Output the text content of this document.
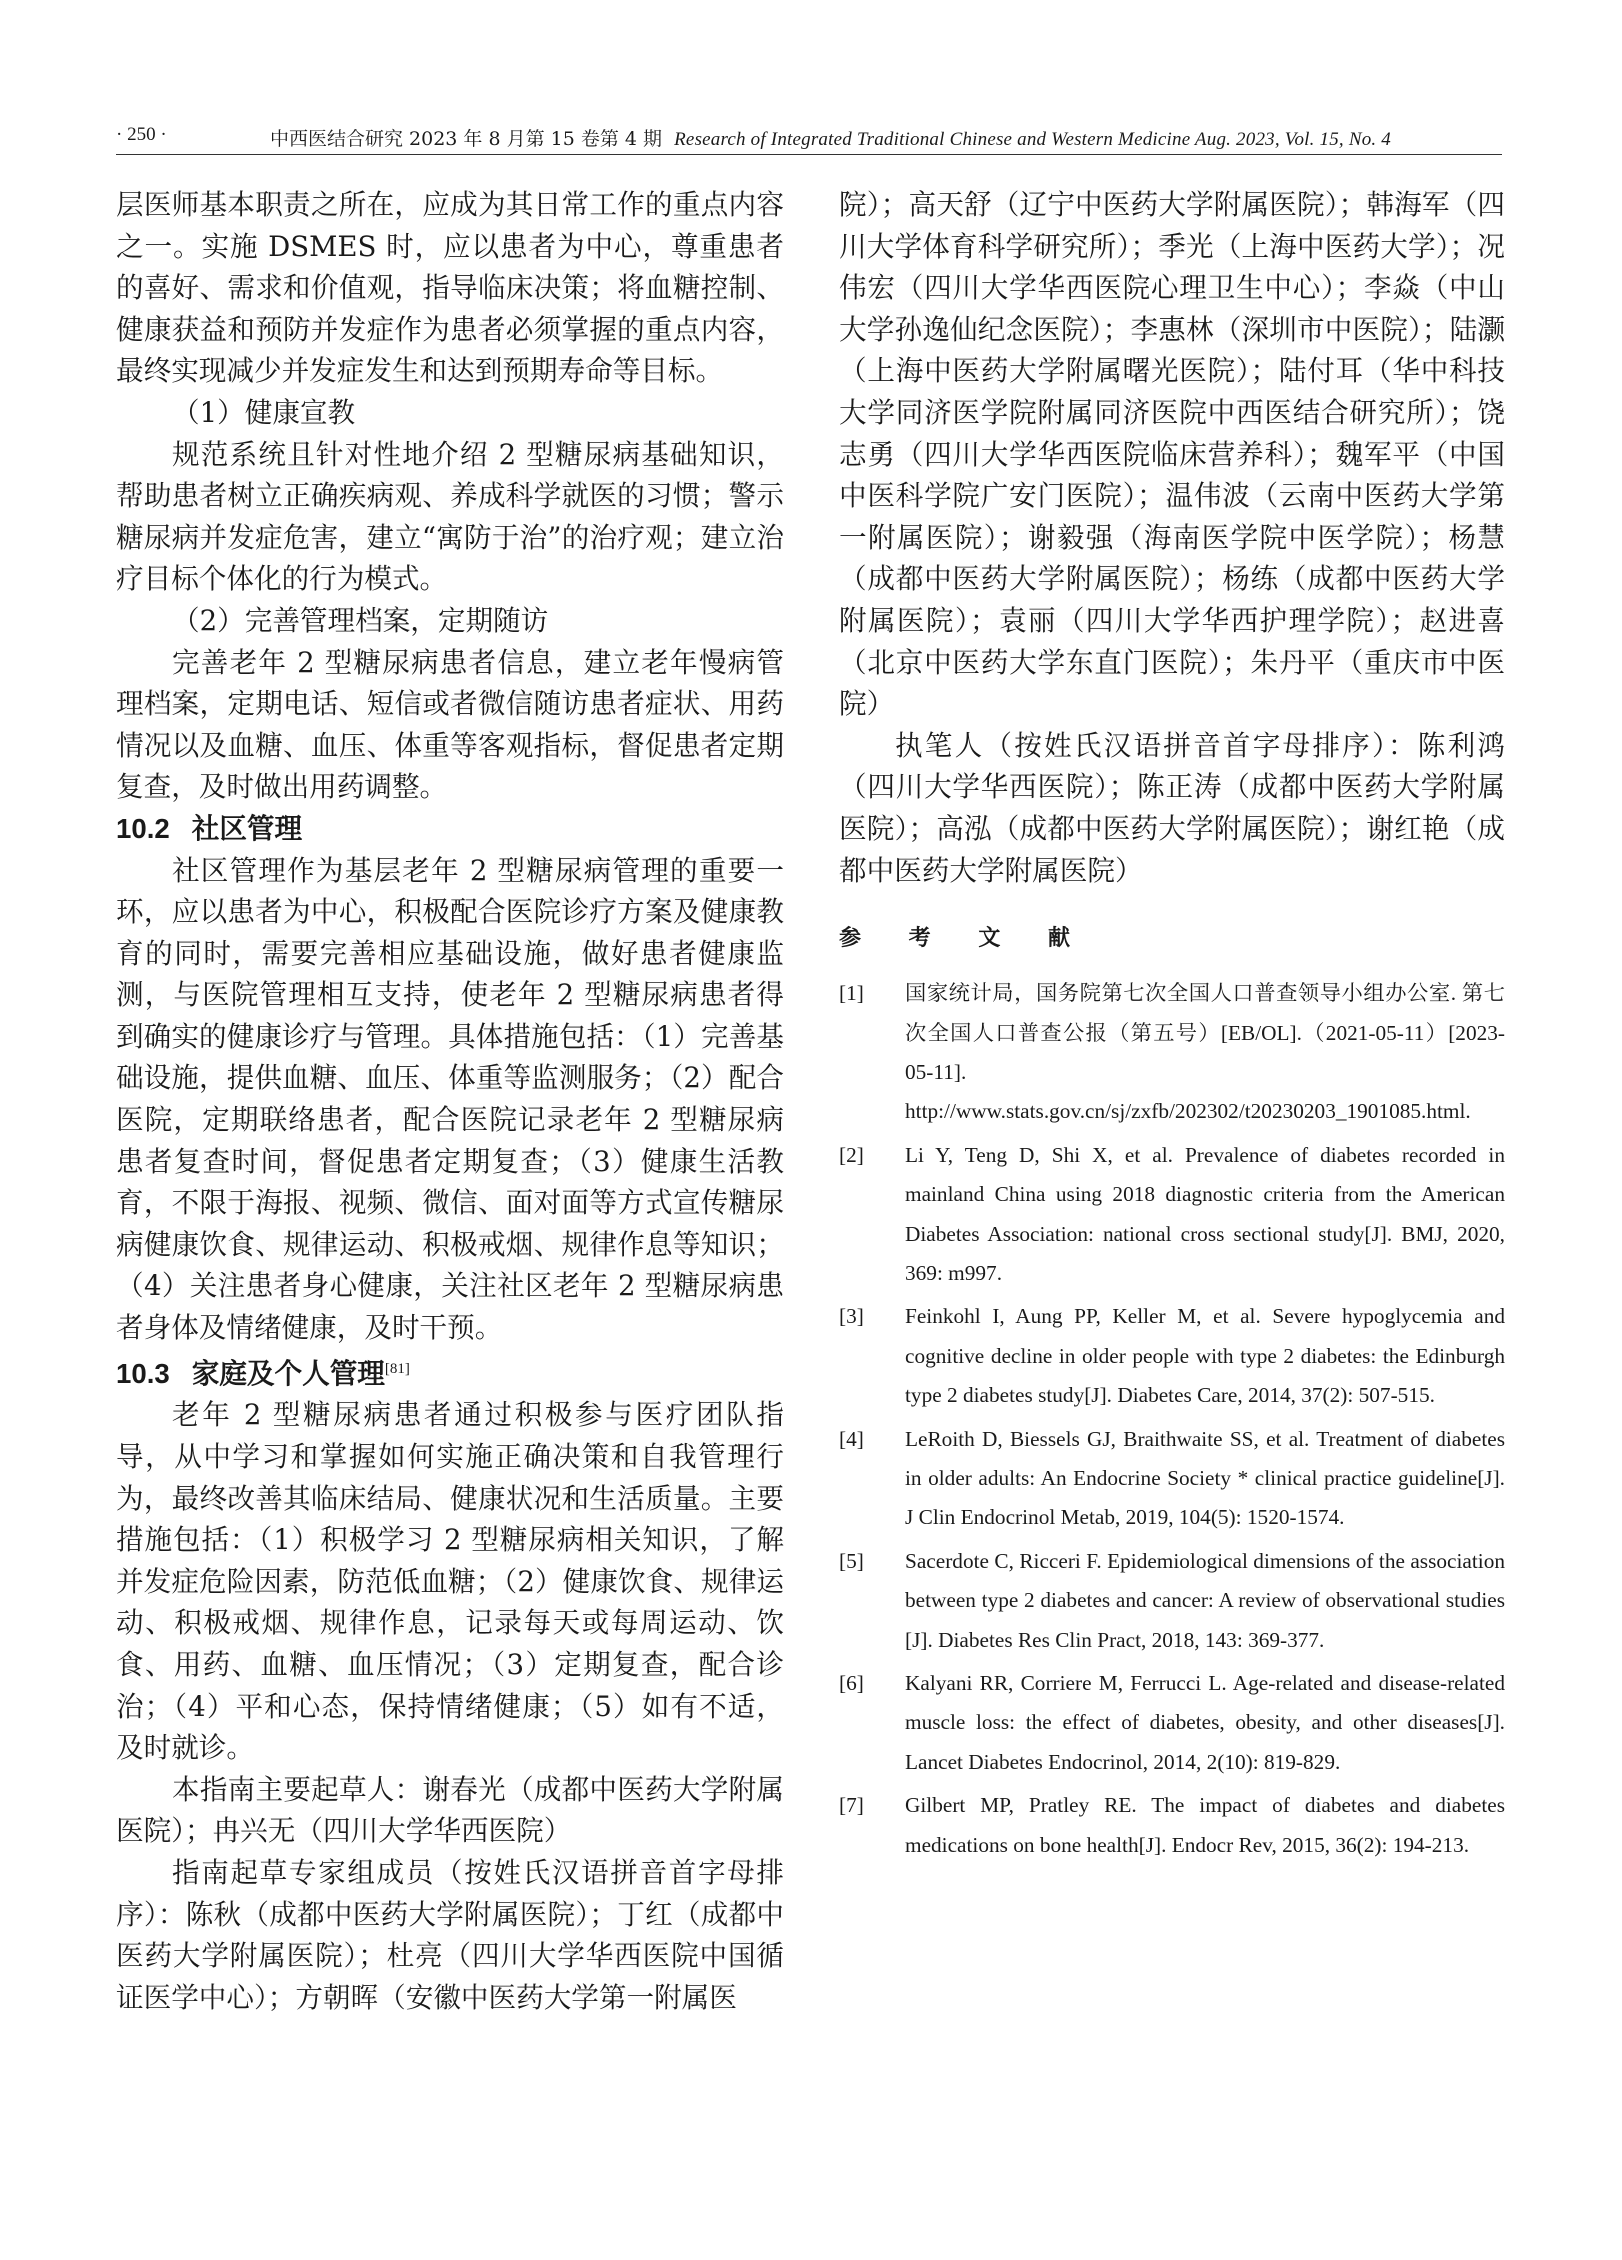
· 250 ·	中西医结合研究 2023 年 8 月第 15 卷第 4 期 Research of Integrated Traditional Chinese and Western Medicine Aug. 2023, Vol. 15, No. 4

层医师基本职责之所在，应成为其日常工作的重点内容之一。实施 DSMES 时，应以患者为中心，尊重患者的喜好、需求和价值观，指导临床决策；将血糖控制、健康获益和预防并发症作为患者必须掌握的重点内容，最终实现减少并发症发生和达到预期寿命等目标。

（1）健康宣教

规范系统且针对性地介绍 2 型糖尿病基础知识，帮助患者树立正确疾病观、养成科学就医的习惯；警示糖尿病并发症危害，建立“寓防于治”的治疗观；建立治疗目标个体化的行为模式。

（2）完善管理档案，定期随访

完善老年 2 型糖尿病患者信息，建立老年慢病管理档案，定期电话、短信或者微信随访患者症状、用药情况以及血糖、血压、体重等客观指标，督促患者定期复查，及时做出用药调整。

10.2 社区管理

社区管理作为基层老年 2 型糖尿病管理的重要一环，应以患者为中心，积极配合医院诊疗方案及健康教育的同时，需要完善相应基础设施，做好患者健康监测，与医院管理相互支持，使老年 2 型糖尿病患者得到确实的健康诊疗与管理。具体措施包括：（1）完善基础设施，提供血糖、血压、体重等监测服务；（2）配合医院，定期联络患者，配合医院记录老年 2 型糖尿病患者复查时间，督促患者定期复查；（3）健康生活教育，不限于海报、视频、微信、面对面等方式宣传糖尿病健康饮食、规律运动、积极戒烟、规律作息等知识；（4）关注患者身心健康，关注社区老年 2 型糖尿病患者身体及情绪健康，及时干预。

10.3 家庭及个人管理[81]

老年 2 型糖尿病患者通过积极参与医疗团队指导，从中学习和掌握如何实施正确决策和自我管理行为，最终改善其临床结局、健康状况和生活质量。主要措施包括：（1）积极学习 2 型糖尿病相关知识，了解并发症危险因素，防范低血糖；（2）健康饮食、规律运动、积极戒烟、规律作息，记录每天或每周运动、饮食、用药、血糖、血压情况；（3）定期复查，配合诊治；（4）平和心态，保持情绪健康；（5）如有不适，及时就诊。

本指南主要起草人：谢春光（成都中医药大学附属医院）；冉兴无（四川大学华西医院）

指南起草专家组成员（按姓氏汉语拼音首字母排序）：陈秋（成都中医药大学附属医院）；丁红（成都中医药大学附属医院）；杜亮（四川大学华西医院中国循证医学中心）；方朝晖（安徽中医药大学第一附属医

院）；高天舒（辽宁中医药大学附属医院）；韩海军（四川大学体育科学研究所）；季光（上海中医药大学）；况伟宏（四川大学华西医院心理卫生中心）；李焱（中山大学孙逸仙纪念医院）；李惠林（深圳市中医院）；陆灏（上海中医药大学附属曙光医院）；陆付耳（华中科技大学同济医学院附属同济医院中西医结合研究所）；饶志勇（四川大学华西医院临床营养科）；魏军平（中国中医科学院广安门医院）；温伟波（云南中医药大学第一附属医院）；谢毅强（海南医学院中医学院）；杨慧（成都中医药大学附属医院）；杨练（成都中医药大学附属医院）；袁丽（四川大学华西护理学院）；赵进喜（北京中医药大学东直门医院）；朱丹平（重庆市中医院）

执笔人（按姓氏汉语拼音首字母排序）：陈利鸿（四川大学华西医院）；陈正涛（成都中医药大学附属医院）；高泓（成都中医药大学附属医院）；谢红艳（成都中医药大学附属医院）

参 考 文 献

[1] 国家统计局，国务院第七次全国人口普查领导小组办公室. 第七次全国人口普查公报（第五号）[EB/OL].（2021-05-11）[2023-05-11]. http://www.stats.gov.cn/sj/zxfb/202302/t20230203_1901085.html.

[2] Li Y, Teng D, Shi X, et al. Prevalence of diabetes recorded in mainland China using 2018 diagnostic criteria from the American Diabetes Association: national cross sectional study[J]. BMJ, 2020, 369: m997.

[3] Feinkohl I, Aung PP, Keller M, et al. Severe hypoglycemia and cognitive decline in older people with type 2 diabetes: the Edinburgh type 2 diabetes study[J]. Diabetes Care, 2014, 37(2): 507-515.

[4] LeRoith D, Biessels GJ, Braithwaite SS, et al. Treatment of diabetes in older adults: An Endocrine Society * clinical practice guideline[J]. J Clin Endocrinol Metab, 2019, 104(5): 1520-1574.

[5] Sacerdote C, Ricceri F. Epidemiological dimensions of the association between type 2 diabetes and cancer: A review of observational studies [J]. Diabetes Res Clin Pract, 2018, 143: 369-377.

[6] Kalyani RR, Corriere M, Ferrucci L. Age-related and disease-related muscle loss: the effect of diabetes, obesity, and other diseases[J]. Lancet Diabetes Endocrinol, 2014, 2(10): 819-829.

[7] Gilbert MP, Pratley RE. The impact of diabetes and diabetes medications on bone health[J]. Endocr Rev, 2015, 36(2): 194-213.
